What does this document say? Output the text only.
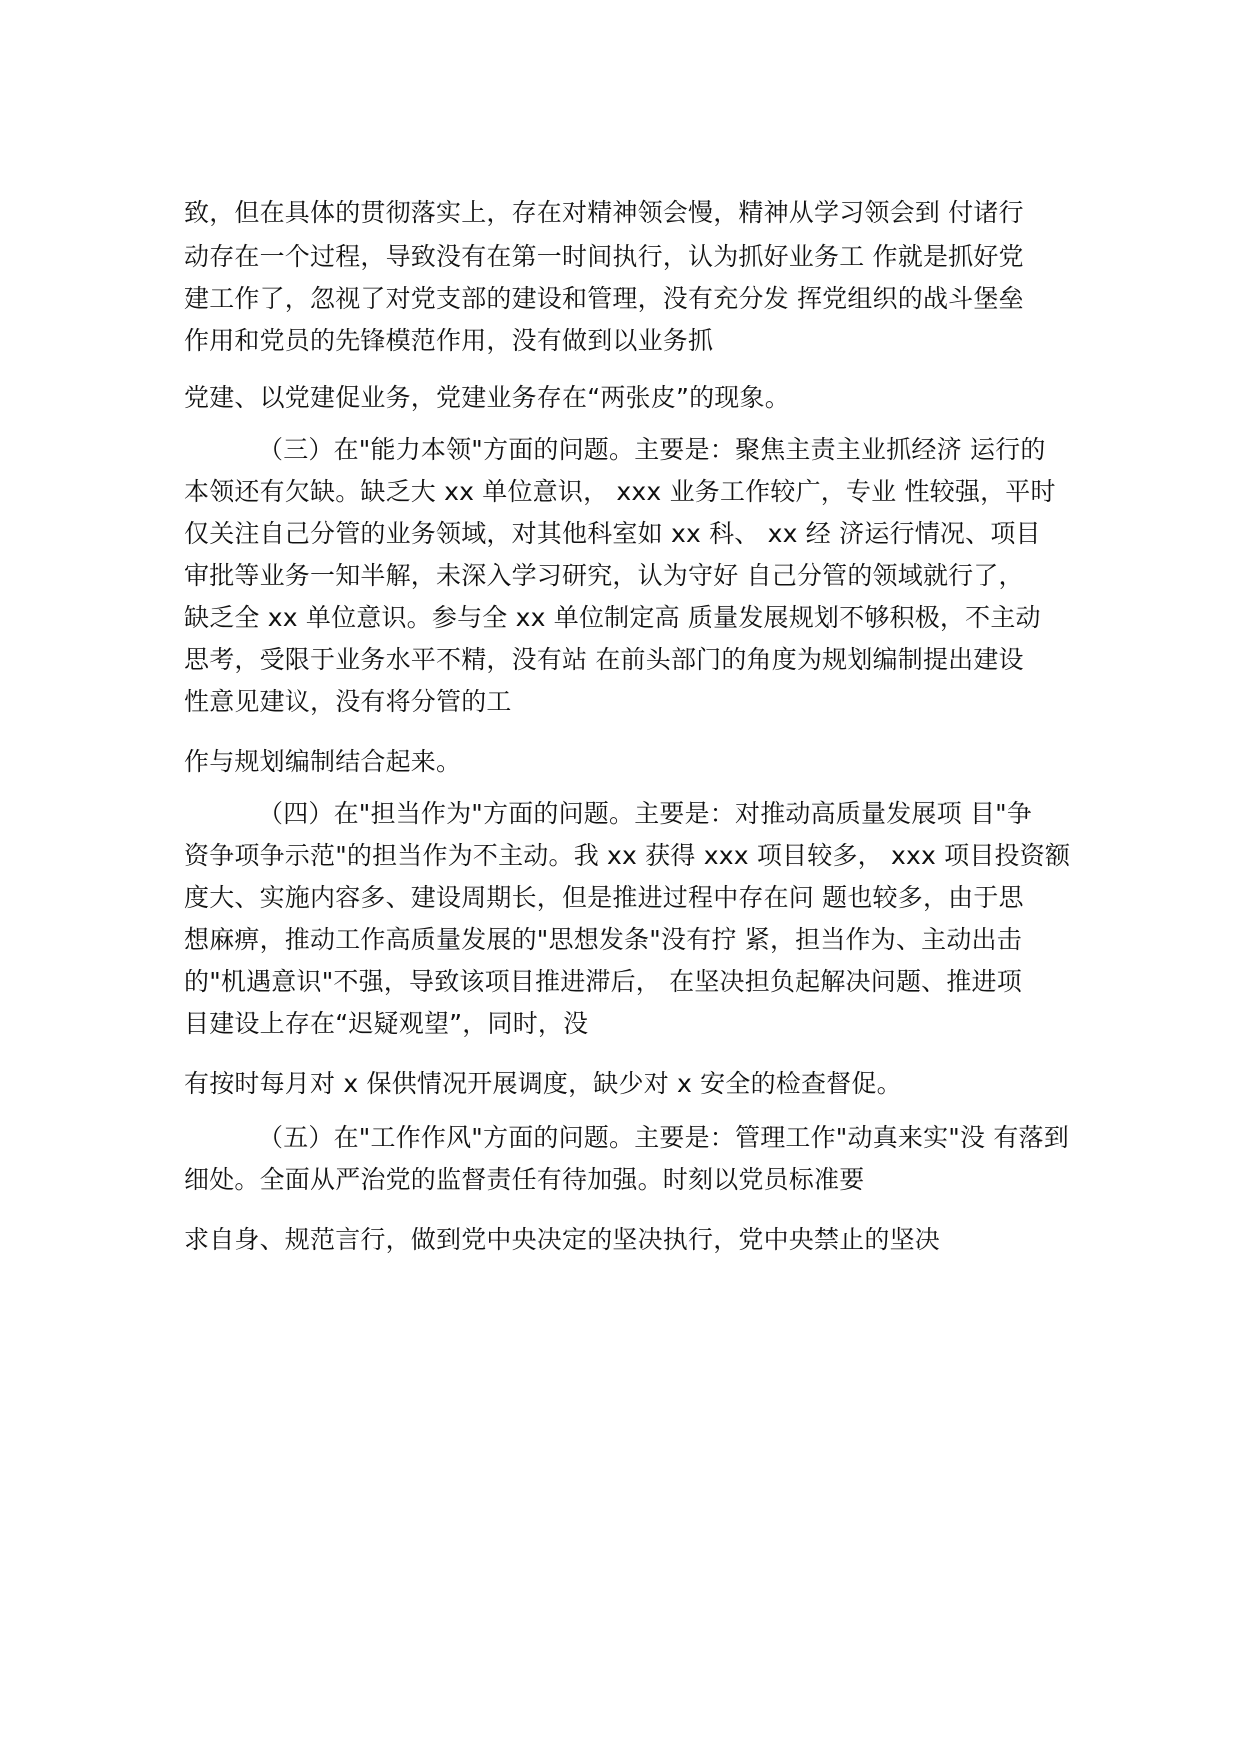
致，但在具体的贯彻落实上，存在对精神领会慢，精神从学习领会到 付诸行
动存在一个过程，导致没有在第一时间执行，认为抓好业务工 作就是抓好党
建工作了，忽视了对党支部的建设和管理，没有充分发 挥党组织的战斗堡垒
作用和党员的先锋模范作用，没有做到以业务抓
党建、以党建促业务，党建业务存在“两张皮”的现象。
（三）在"能力本领"方面的问题。主要是：聚焦主责主业抓经济 运行的
本领还有欠缺。缺乏大 xx 单位意识， xxx 业务工作较广，专业 性较强，平时
仅关注自己分管的业务领域，对其他科室如 xx 科、 xx 经 济运行情况、项目
审批等业务一知半解，未深入学习研究，认为守好 自己分管的领域就行了，
缺乏全 xx 单位意识。参与全 xx 单位制定高 质量发展规划不够积极，不主动
思考，受限于业务水平不精，没有站 在前头部门的角度为规划编制提出建设
性意见建议，没有将分管的工
作与规划编制结合起来。
（四）在"担当作为"方面的问题。主要是：对推动高质量发展项 目"争
资争项争示范"的担当作为不主动。我 xx 获得 xxx 项目较多， xxx 项目投资额
度大、实施内容多、建设周期长，但是推进过程中存在问 题也较多，由于思
想麻痹，推动工作高质量发展的"思想发条"没有拧 紧，担当作为、主动出击
的"机遇意识"不强，导致该项目推进滞后， 在坚决担负起解决问题、推进项
目建设上存在“迟疑观望”，同时，没
有按时每月对 x 保供情况开展调度，缺少对 x 安全的检查督促。
（五）在"工作作风"方面的问题。主要是：管理工作"动真来实"没 有落到
细处。全面从严治党的监督责任有待加强。时刻以党员标准要
求自身、规范言行，做到党中央决定的坚决执行，党中央禁止的坚决
